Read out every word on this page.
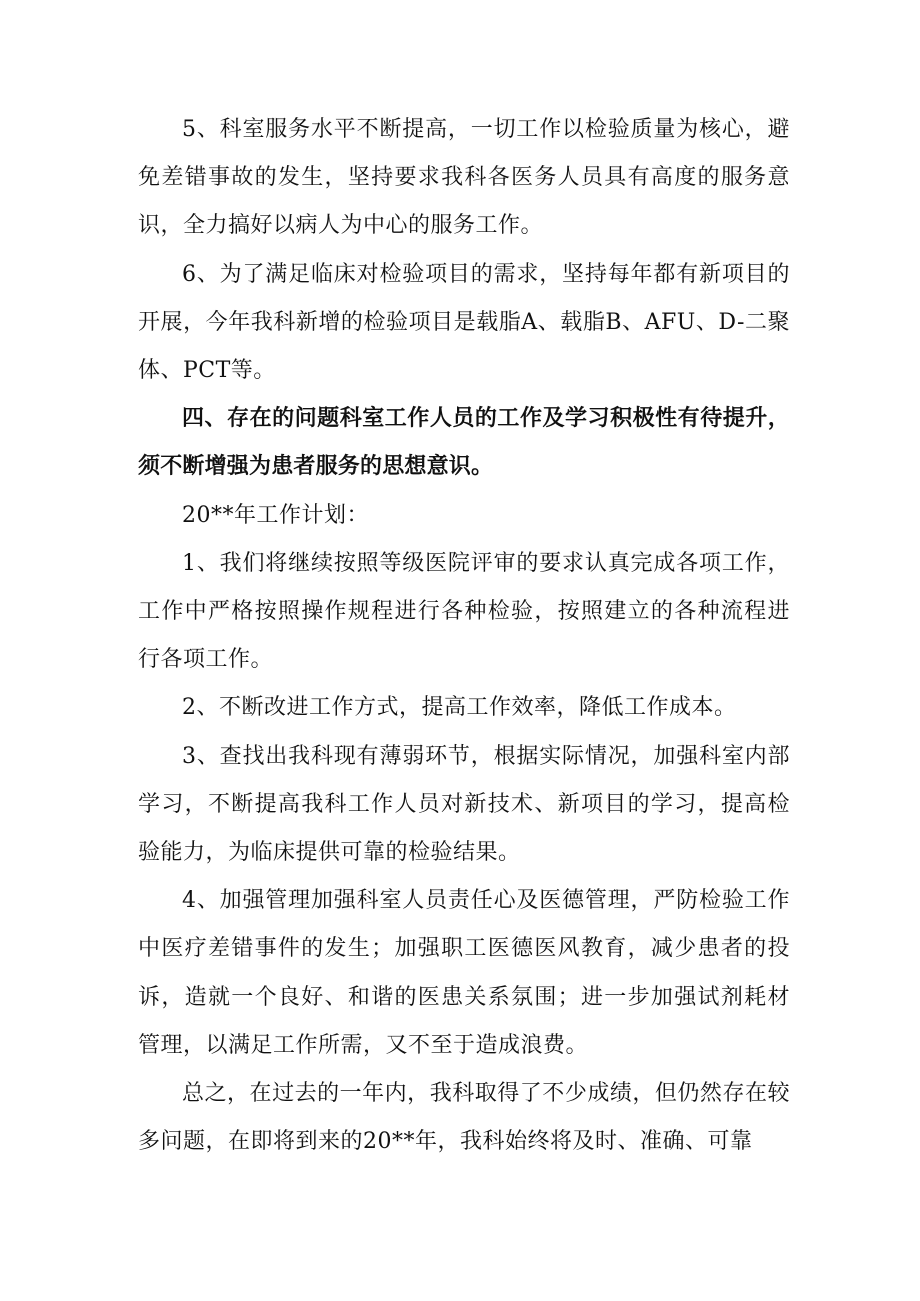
5、科室服务水平不断提高，一切工作以检验质量为核心，避免差错事故的发生，坚持要求我科各医务人员具有高度的服务意识，全力搞好以病人为中心的服务工作。

6、为了满足临床对检验项目的需求，坚持每年都有新项目的开展，今年我科新增的检验项目是载脂A、载脂B、AFU、D-二聚体、PCT等。

四、存在的问题科室工作人员的工作及学习积极性有待提升，须不断增强为患者服务的思想意识。

20**年工作计划：

1、我们将继续按照等级医院评审的要求认真完成各项工作，工作中严格按照操作规程进行各种检验，按照建立的各种流程进行各项工作。

2、不断改进工作方式，提高工作效率，降低工作成本。

3、查找出我科现有薄弱环节，根据实际情况，加强科室内部学习，不断提高我科工作人员对新技术、新项目的学习，提高检验能力，为临床提供可靠的检验结果。

4、加强管理加强科室人员责任心及医德管理，严防检验工作中医疗差错事件的发生；加强职工医德医风教育，减少患者的投诉，造就一个良好、和谐的医患关系氛围；进一步加强试剂耗材管理，以满足工作所需，又不至于造成浪费。

总之，在过去的一年内，我科取得了不少成绩，但仍然存在较多问题，在即将到来的20**年，我科始终将及时、准确、可靠
